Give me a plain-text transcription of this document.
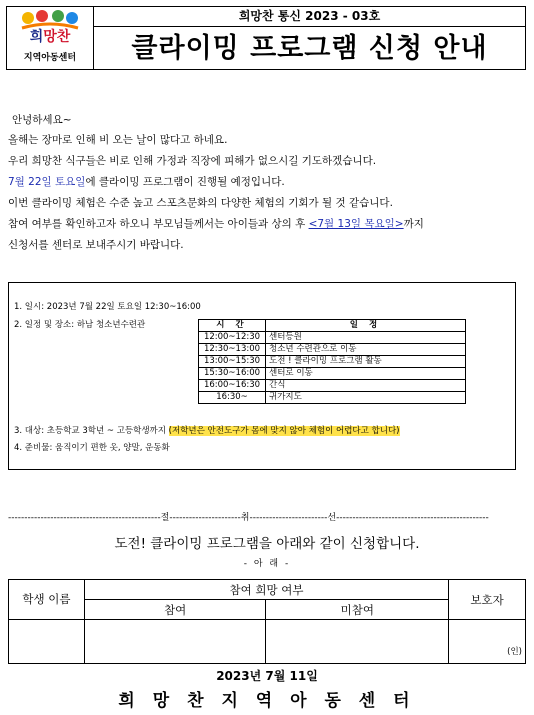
희망찬
지역아동센터
희망찬 통신 2023 - 03호
클라이밍 프로그램 신청 안내
안녕하세요~
올해는 장마로 인해 비 오는 날이 많다고 하네요.
우리 희망찬 식구들은 비로 인해 가정과 직장에 피해가 없으시길 기도하겠습니다.
7월 22일 토요일에 클라이밍 프로그램이 진행될 예정입니다.
이번 클라이밍 체험은 수준 높고 스포츠문화의 다양한 체험의 기회가 될 것 같습니다.
참여 여부를 확인하고자 하오니 부모님들께서는 아이들과 상의 후 <7월 13일 목요일>까지
신청서를 센터로 보내주시기 바랍니다.
1. 일시: 2023년 7월 22일 토요일 12:30~16:00
2. 일정 및 장소: 하남 청소년수련관	시 간	일 정
12:00~12:30	센터등원
12:30~13:00	청소년 수련관으로 이동
13:00~15:30	도전 ! 클라이밍 프로그램 활동
15:30~16:00	센터로 이동
16:00~16:30	간식
16:30~	귀가지도
3. 대상: 초등학교 3학년 ~ 고등학생까지 (저학년은 안전도구가 몸에 맞지 않아 체험이 어렵다고 합니다)
4. 준비물: 움직이기 편한 옷, 양말, 운동화
-----------------------------------------------절----------------------취------------------------선-----------------------------------------------
도전! 클라이밍 프로그램을 아래와 같이 신청합니다.
- 아 래 -
학생 이름	참여 희망 여부		보호자
	참여	미참여	
			(인)
2023년 7월 11일
희 망 찬 지 역 아 동 센 터
